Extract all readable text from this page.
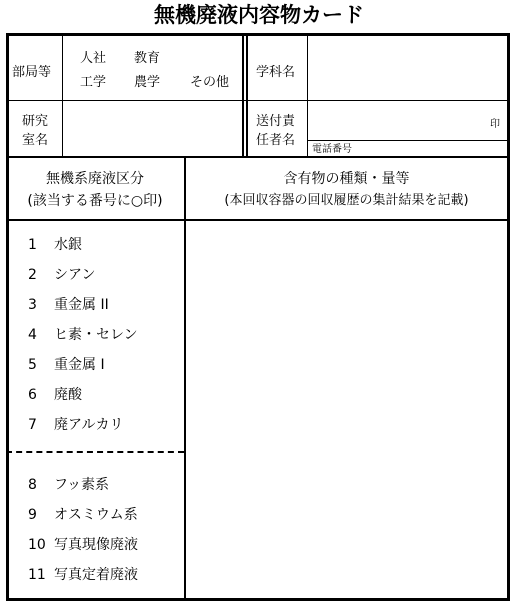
無機廃液内容物カード
部局等
人社 教育
工学 農学 その他
学科名
研究
室名
送付責
任者名
印
電話番号
無機系廃液区分
(該当する番号に○印)
含有物の種類・量等
(本回収容器の回収履歴の集計結果を記載)
1 水銀
2 シアン
3 重金属 II
4 ヒ素・セレン
5 重金属 I
6 廃酸
7 廃アルカリ
8 フッ素系
9 オスミウム系
10 写真現像廃液
11 写真定着廃液
